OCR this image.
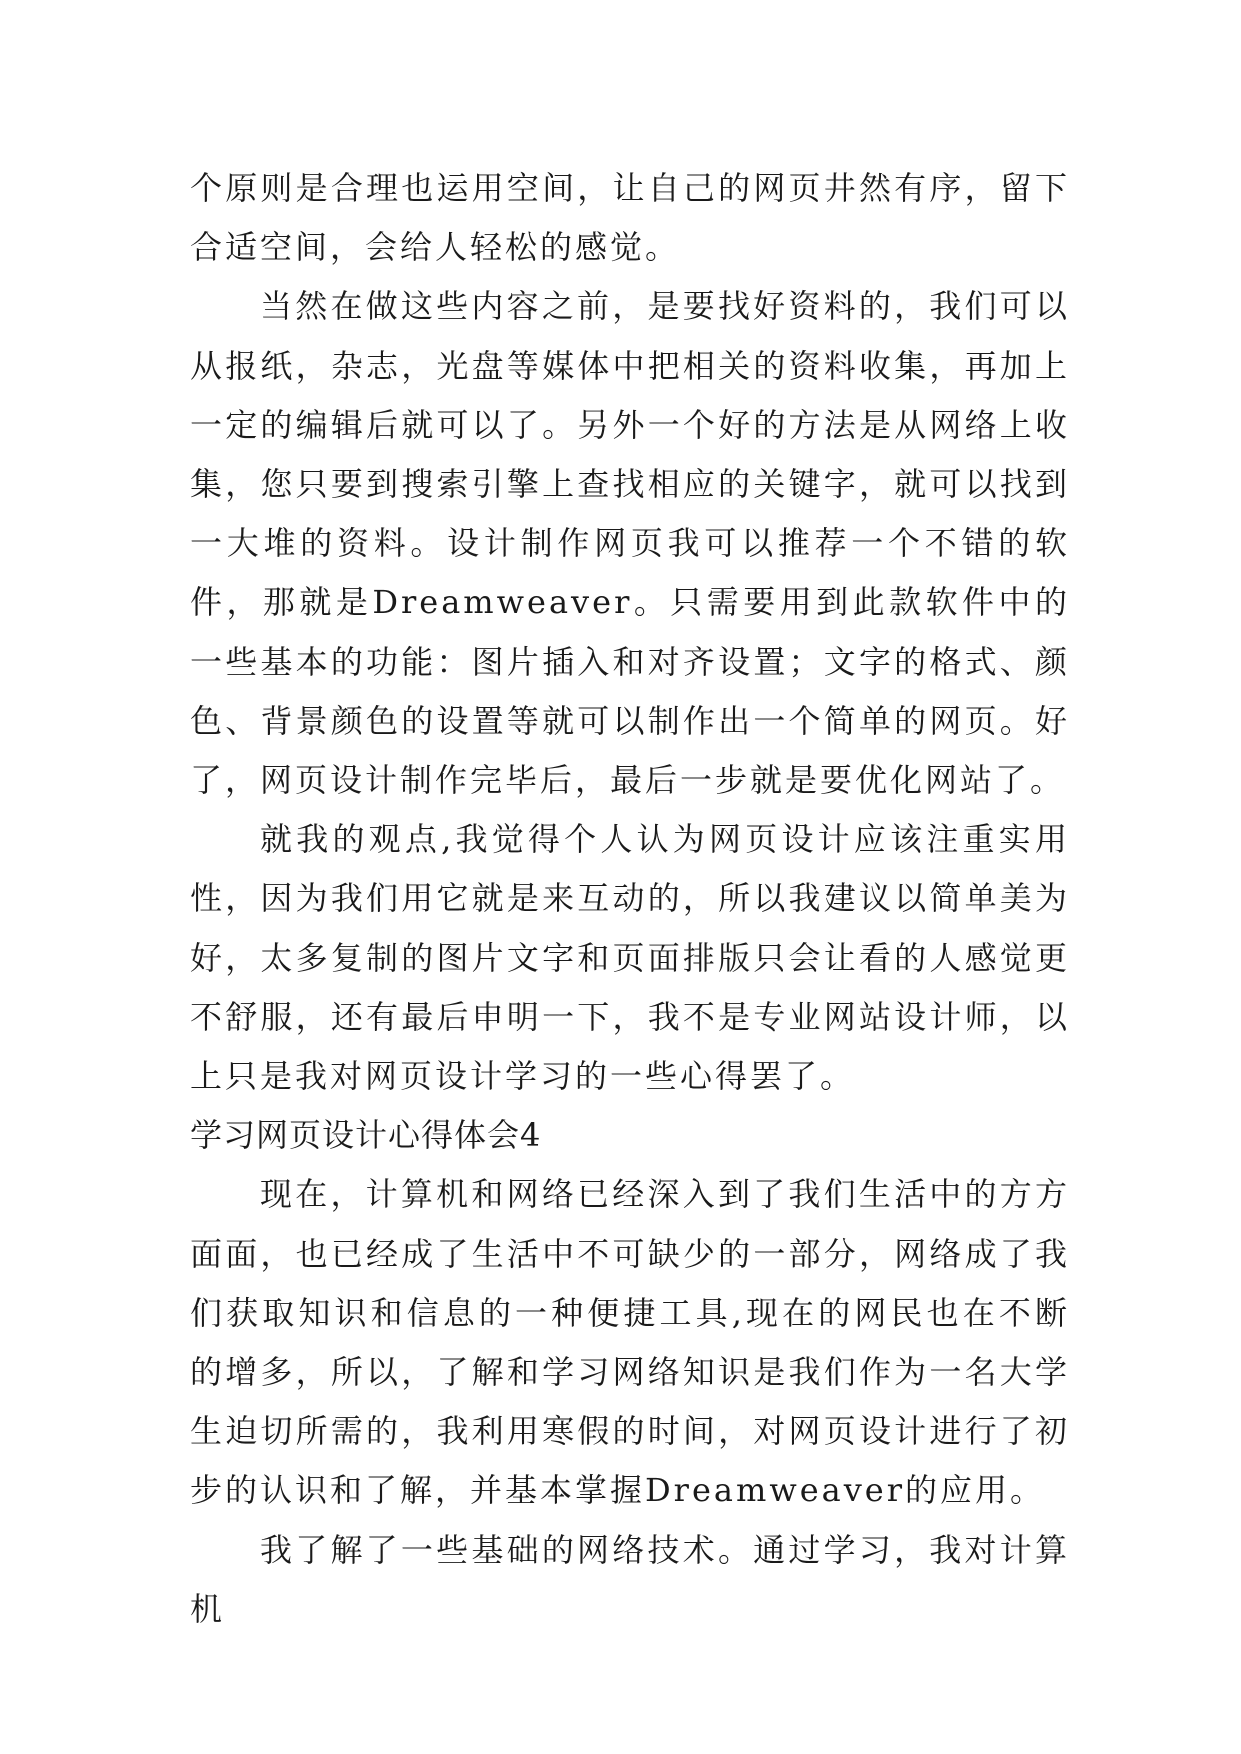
个原则是合理也运用空间，让自己的网页井然有序，留下合适空间，会给人轻松的感觉。

当然在做这些内容之前，是要找好资料的，我们可以从报纸，杂志，光盘等媒体中把相关的资料收集，再加上一定的编辑后就可以了。另外一个好的方法是从网络上收集，您只要到搜索引擎上查找相应的关键字，就可以找到一大堆的资料。设计制作网页我可以推荐一个不错的软件，那就是Dreamweaver。只需要用到此款软件中的一些基本的功能：图片插入和对齐设置；文字的格式、颜色、背景颜色的设置等就可以制作出一个简单的网页。好了，网页设计制作完毕后，最后一步就是要优化网站了。

就我的观点,我觉得个人认为网页设计应该注重实用性，因为我们用它就是来互动的，所以我建议以简单美为好，太多复制的图片文字和页面排版只会让看的人感觉更不舒服，还有最后申明一下，我不是专业网站设计师，以上只是我对网页设计学习的一些心得罢了。

学习网页设计心得体会4

现在，计算机和网络已经深入到了我们生活中的方方面面，也已经成了生活中不可缺少的一部分，网络成了我们获取知识和信息的一种便捷工具,现在的网民也在不断的增多，所以，了解和学习网络知识是我们作为一名大学生迫切所需的，我利用寒假的时间，对网页设计进行了初步的认识和了解，并基本掌握Dreamweaver的应用。

我了解了一些基础的网络技术。通过学习，我对计算机
